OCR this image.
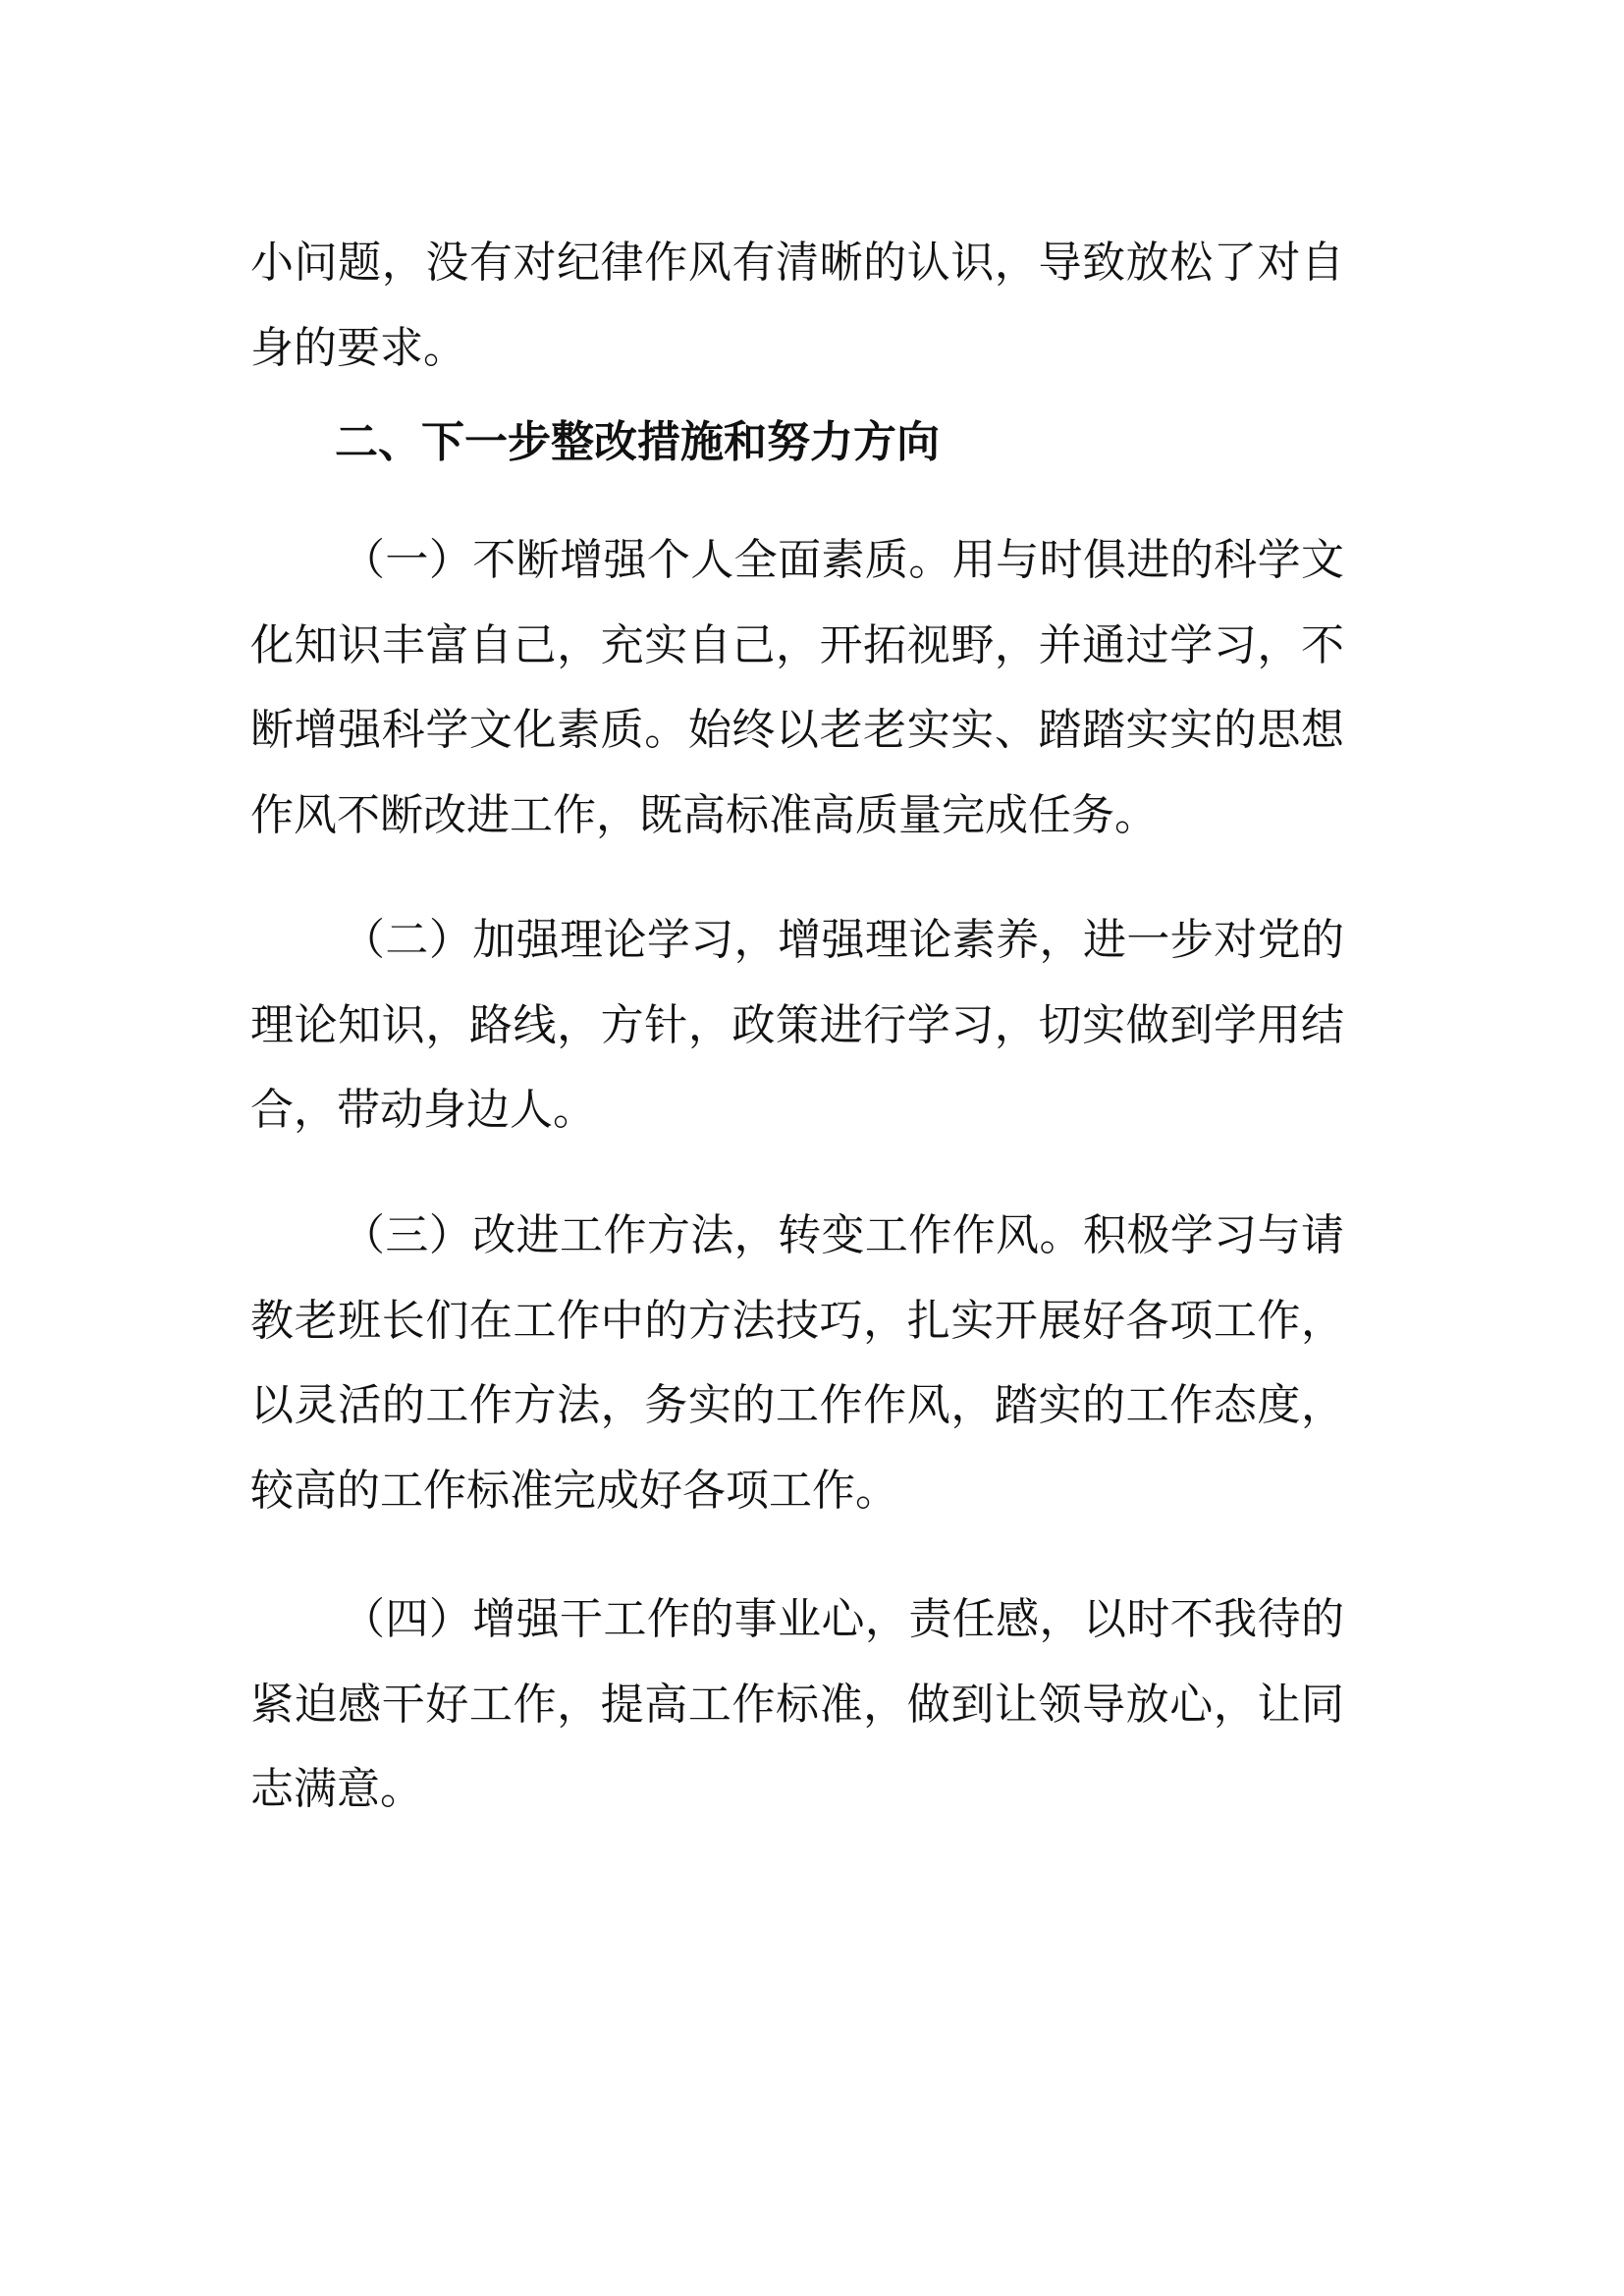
小问题，没有对纪律作风有清晰的认识，导致放松了对自
身的要求。
二、下一步整改措施和努力方向
（一）不断增强个人全面素质。用与时俱进的科学文
化知识丰富自己，充实自己，开拓视野，并通过学习，不
断增强科学文化素质。始终以老老实实、踏踏实实的思想
作风不断改进工作，既高标准高质量完成任务。
（二）加强理论学习，增强理论素养，进一步对党的
理论知识，路线，方针，政策进行学习，切实做到学用结
合，带动身边人。
（三）改进工作方法，转变工作作风。积极学习与请
教老班长们在工作中的方法技巧，扎实开展好各项工作，
以灵活的工作方法，务实的工作作风，踏实的工作态度，
较高的工作标准完成好各项工作。
（四）增强干工作的事业心，责任感，以时不我待的
紧迫感干好工作，提高工作标准，做到让领导放心，让同
志满意。
